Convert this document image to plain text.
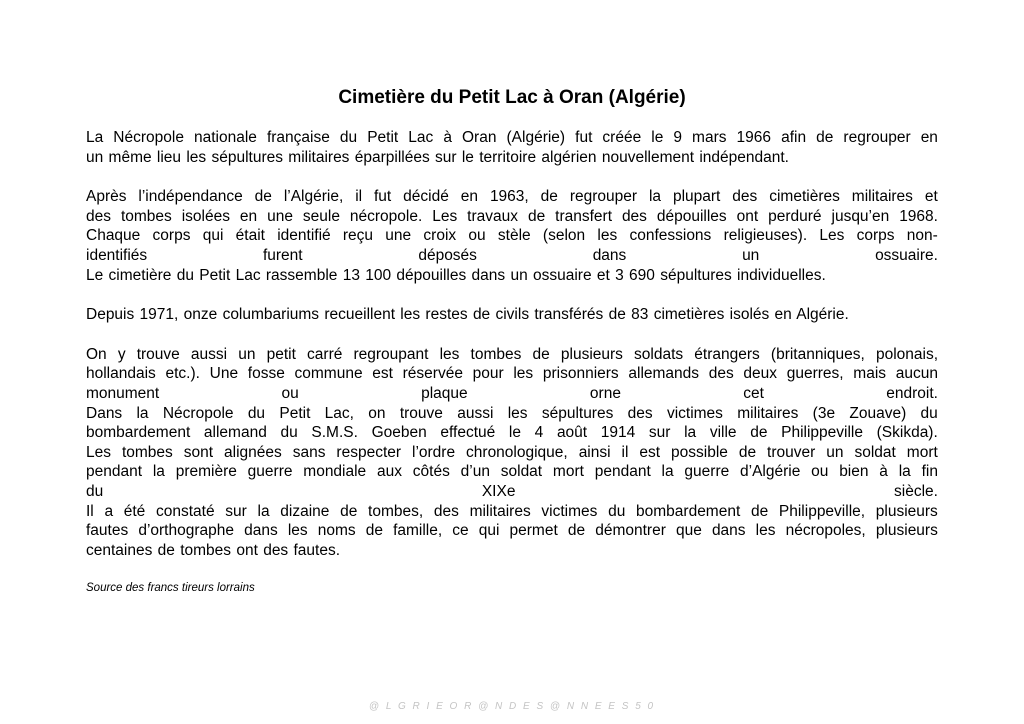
Cimetière du Petit Lac à Oran (Algérie)
La Nécropole nationale française du Petit Lac à Oran (Algérie) fut créée le 9 mars 1966 afin de regrouper en
un même lieu les sépultures militaires éparpillées sur le territoire algérien nouvellement indépendant.
Après l’indépendance de l’Algérie, il fut décidé en 1963, de regrouper la plupart des cimetières militaires et
des tombes isolées en une seule nécropole. Les travaux de transfert des dépouilles ont perduré jusqu’en 1968.
Chaque corps qui était identifié reçu une croix ou stèle (selon les confessions religieuses). Les corps non-
identifiés	furent	déposés	dans	un	ossuaire.
Le cimetière du Petit Lac rassemble 13 100 dépouilles dans un ossuaire et 3 690 sépultures individuelles.
Depuis 1971, onze columbariums recueillent les restes de civils transférés de 83 cimetières isolés en Algérie.
On y trouve aussi un petit carré regroupant les tombes de plusieurs soldats étrangers (britanniques, polonais,
hollandais etc.). Une fosse commune est réservée pour les prisonniers allemands des deux guerres, mais aucun
monument	ou	plaque	orne	cet	endroit.
Dans la Nécropole du Petit Lac, on trouve aussi les sépultures des victimes militaires (3e Zouave) du
bombardement allemand du S.M.S. Goeben effectué le 4 août 1914 sur la ville de Philippeville (Skikda).
Les tombes sont alignées sans respecter l’ordre chronologique, ainsi il est possible de trouver un soldat mort
pendant la première guerre mondiale aux côtés d’un soldat mort pendant la guerre d’Algérie ou bien à la fin
du	XIXe	siècle.
Il a été constaté sur la dizaine de tombes, des militaires victimes du bombardement de Philippeville, plusieurs
fautes d’orthographe dans les noms de famille, ce qui permet de démontrer que dans les nécropoles, plusieurs
centaines de tombes ont des fautes.

Source des francs tireurs lorrains

@ L G R I E O R @ N D E S @ N N E E S 5 0
